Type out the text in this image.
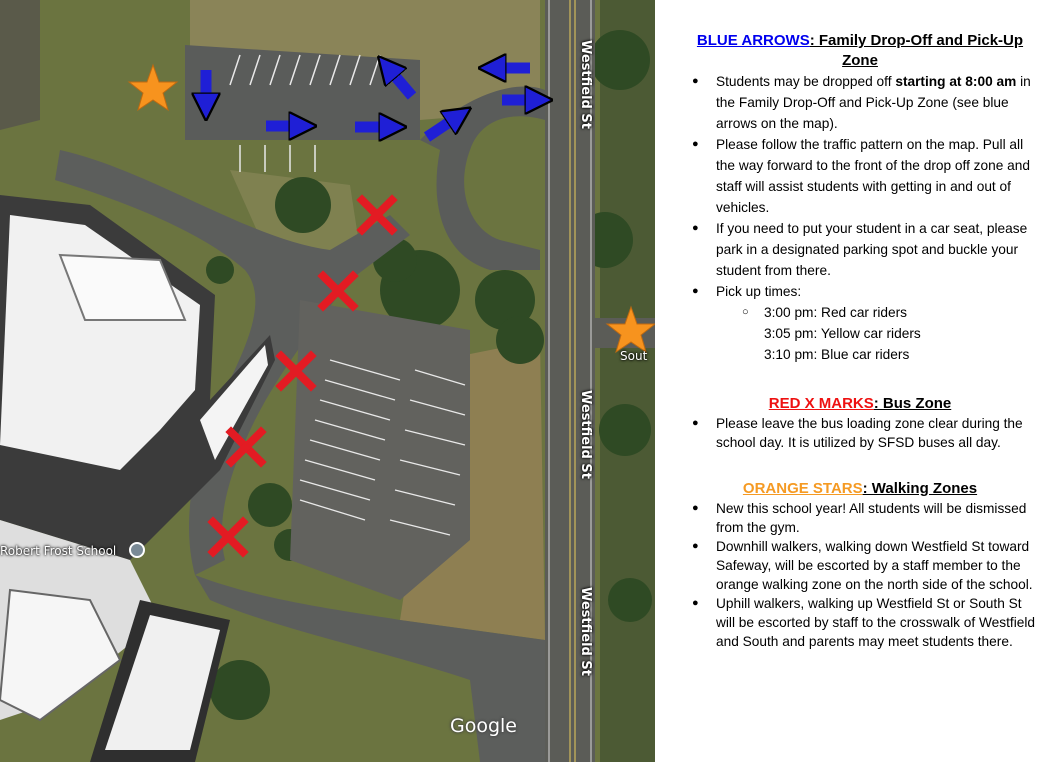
Westfield St
Westfield St
Westfield St
Robert Frost School
Sout
Google
BLUE ARROWS: Family Drop-Off and Pick-Up Zone
● Students may be dropped off starting at 8:00 am in the Family Drop-Off and Pick-Up Zone (see blue arrows on the map).
● Please follow the traffic pattern on the map. Pull all the way forward to the front of the drop off zone and staff will assist students with getting in and out of vehicles.
● If you need to put your student in a car seat, please park in a designated parking spot and buckle your student from there.
● Pick up times:
○ 3:00 pm: Red car riders
3:05 pm: Yellow car riders
3:10 pm: Blue car riders
RED X MARKS: Bus Zone
● Please leave the bus loading zone clear during the school day. It is utilized by SFSD buses all day.
ORANGE STARS: Walking Zones
● New this school year! All students will be dismissed from the gym.
● Downhill walkers, walking down Westfield St toward Safeway, will be escorted by a staff member to the orange walking zone on the north side of the school.
● Uphill walkers, walking up Westfield St or South St will be escorted by staff to the crosswalk of Westfield and South and parents may meet students there.
